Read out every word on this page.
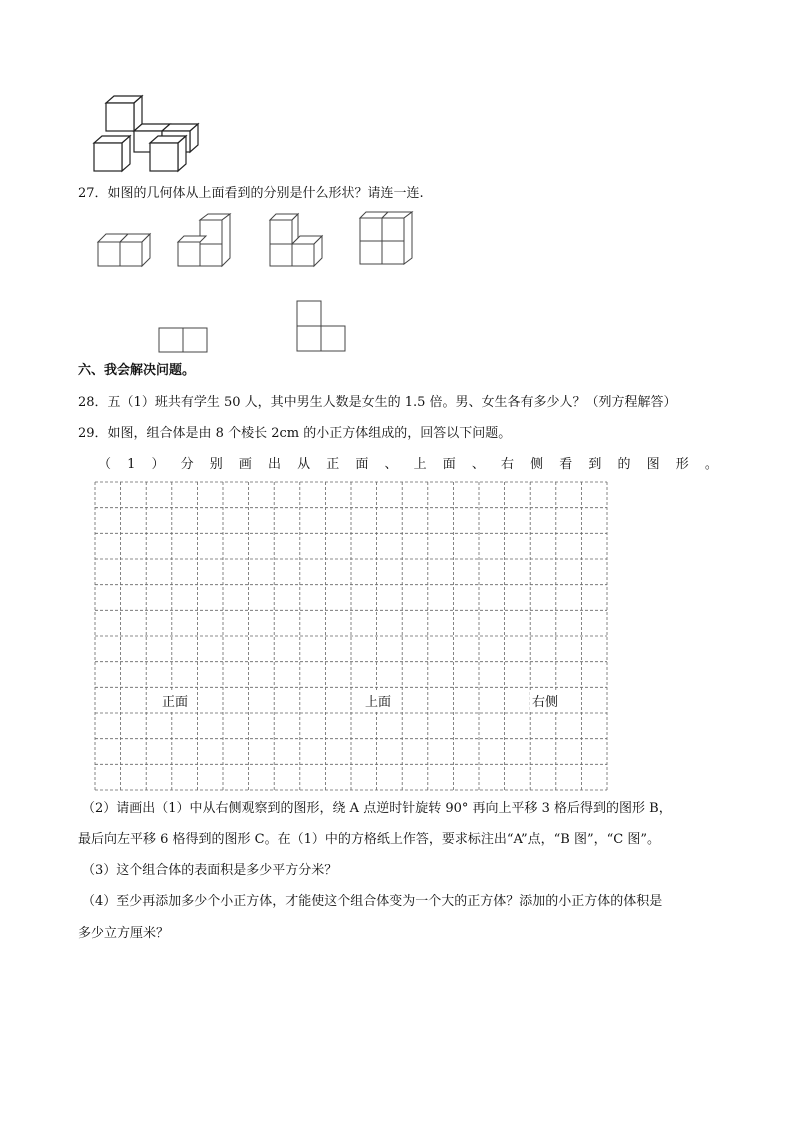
27．如图的几何体从上面看到的分别是什么形状？请连一连.
六、我会解决问题。
28．五（1）班共有学生 50 人，其中男生人数是女生的 1.5 倍。男、女生各有多少人？（列方程解答）
29．如图，组合体是由 8 个棱长 2cm 的小正方体组成的，回答以下问题。
（ 1 ） 分 别 画 出 从 正 面 、 上 面 、 右 侧 看 到 的 图 形 。
正面	上面	右侧
（2）请画出（1）中从右侧观察到的图形，绕 A 点逆时针旋转 90° 再向上平移 3 格后得到的图形 B，
最后向左平移 6 格得到的图形 C。在（1）中的方格纸上作答，要求标注出“A”点，“B 图”，“C 图”。
（3）这个组合体的表面积是多少平方分米？
（4）至少再添加多少个小正方体，才能使这个组合体变为一个大的正方体？添加的小正方体的体积是
多少立方厘米？
